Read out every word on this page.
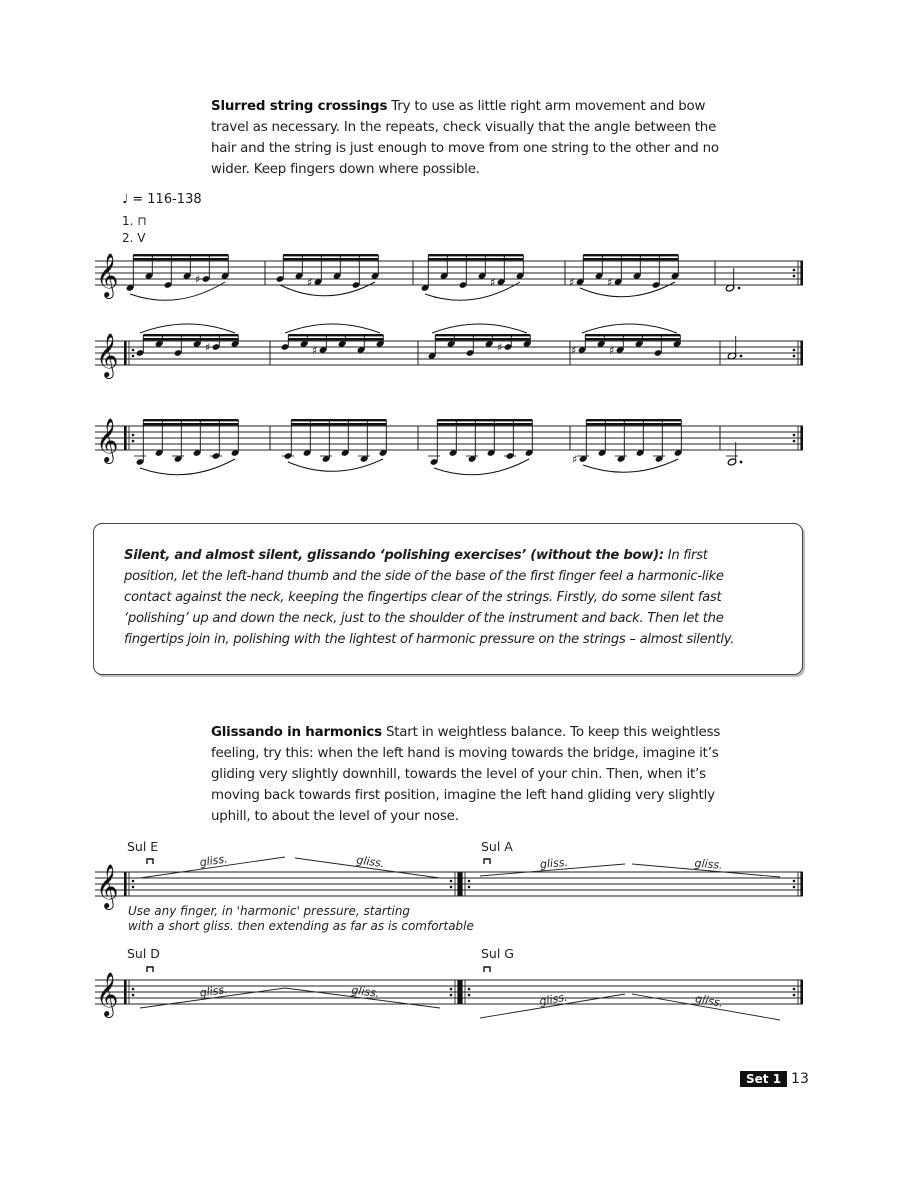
Slurred string crossings Try to use as little right arm movement and bow travel as necessary. In the repeats, check visually that the angle between the hair and the string is just enough to move from one string to the other and no wider. Keep fingers down where possible.
♩ = 116-138
1. ⊓
2. V
𝄞	♯	♯	♯	♯	♯
𝄞	♯	♯	♯	♯	♯
𝄞	♯
Silent, and almost silent, glissando ‘polishing exercises’ (without the bow): In first position, let the left-hand thumb and the side of the base of the first finger feel a harmonic-like contact against the neck, keeping the fingertips clear of the strings. Firstly, do some silent fast ‘polishing’ up and down the neck, just to the shoulder of the instrument and back. Then let the fingertips join in, polishing with the lightest of harmonic pressure on the strings – almost silently.
Glissando in harmonics Start in weightless balance. To keep this weightless feeling, try this: when the left hand is moving towards the bridge, imagine it’s gliding very slightly downhill, towards the level of your chin. Then, when it’s moving back towards first position, imagine the left hand gliding very slightly uphill, to about the level of your nose.
Sul E	Sul A
Sul D	Sul G
𝄞
gliss.	gliss.	gliss.	gliss.
𝄞	gliss.	gliss.	gliss.	gliss.
Use any finger, in 'harmonic' pressure, starting
with a short gliss. then extending as far as is comfortable
Set 1 13
